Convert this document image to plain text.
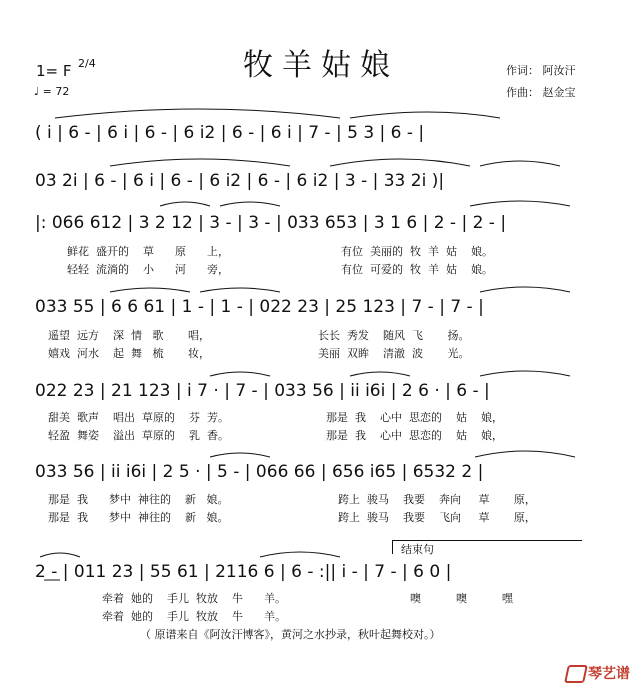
牧羊姑娘
1= F 2/4
♩ = 72
作词： 阿汝汗
作曲： 赵金宝
( i | 6 - | 6 i | 6 - | 6 i2 | 6 - | 6 i | 7 - | 5 3 | 6 - |
03 2i | 6 - | 6 i | 6 - | 6 i2 | 6 - | 6 i2 | 3 - | 33 2i )|
|: 066 612 | 3 2 12 | 3 - | 3 - | 033 653 | 3 1 6 | 2 - | 2 - |
鲜花  盛开的    草      原      上，	有位  美丽的  牧  羊  姑    娘。
轻轻  流淌的    小      河      旁，	有位  可爱的  牧  羊  姑    娘。
033 55 | 6 6 61 | 1 - | 1 - | 022 23 | 25 123 | 7 - | 7 - |
遥望  远方    深  情   歌       唱，	长长  秀发    随风  飞       扬。
嬉戏  河水    起  舞   梳       妆，	美丽  双眸    清澈  波       光。
022 23 | 21 123 | i 7 · | 7 - | 033 56 | ii i6i | 2 6 · | 6 - |
甜美  歌声    唱出  草原的    芬  芳。	那是  我    心中  思恋的    姑    娘，
轻盈  舞姿    溢出  草原的    乳  香。	那是  我    心中  思恋的    姑    娘，
033 56 | ii i6i | 2 5 · | 5 - | 066 66 | 656 i65 | 6532 2 |
那是  我      梦中  神往的    新   娘。	跨上  骏马    我要    奔向     草       原，
那是  我      梦中  神往的    新   娘。	跨上  骏马    我要    飞向     草       原，
结束句
2 - | 011 23 | 55 61 | 2116 6 | 6 - :|| i - | 7 - | 6 0 |
牵着  她的    手儿  牧放    牛      羊。	噢          噢          嘿
牵着  她的    手儿  牧放    牛      羊。
（ 原谱来自《阿汝汗博客》，黄河之水抄录，秋叶起舞校对。）
琴艺谱
